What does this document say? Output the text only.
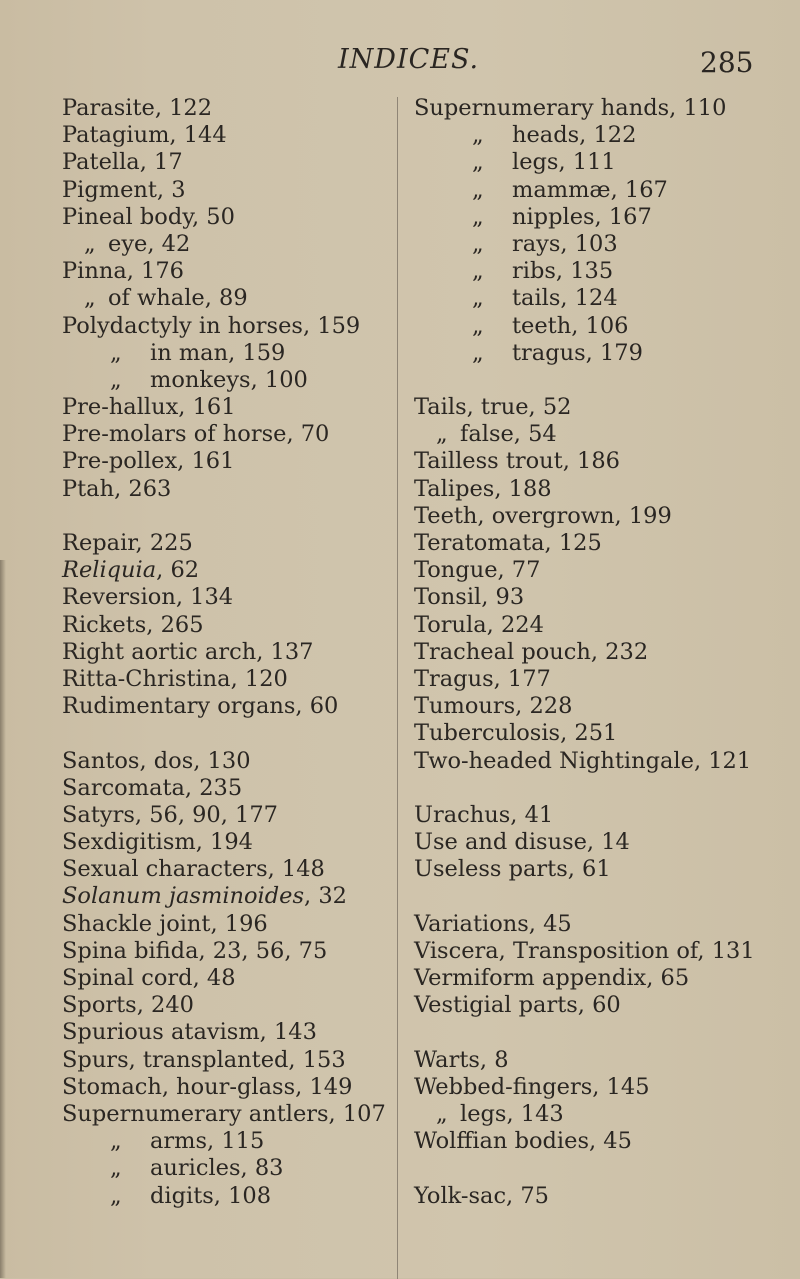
INDICES.	285
Parasite, 122
Patagium, 144
Patella, 17
Pigment, 3
Pineal body, 50
„ eye, 42
Pinna, 176
„ of whale, 89
Polydactyly in horses, 159
„ in man, 159
„ monkeys, 100
Pre-hallux, 161
Pre-molars of horse, 70
Pre-pollex, 161
Ptah, 263
Repair, 225
Reliquia, 62
Reversion, 134
Rickets, 265
Right aortic arch, 137
Ritta-Christina, 120
Rudimentary organs, 60
Santos, dos, 130
Sarcomata, 235
Satyrs, 56, 90, 177
Sexdigitism, 194
Sexual characters, 148
Solanum jasminoides, 32
Shackle joint, 196
Spina bifida, 23, 56, 75
Spinal cord, 48
Sports, 240
Spurious atavism, 143
Spurs, transplanted, 153
Stomach, hour-glass, 149
Supernumerary antlers, 107
„ arms, 115
„ auricles, 83
„ digits, 108
Supernumerary hands, 110
„ heads, 122
„ legs, 111
„ mammæ, 167
„ nipples, 167
„ rays, 103
„ ribs, 135
„ tails, 124
„ teeth, 106
„ tragus, 179
Tails, true, 52
„ false, 54
Tailless trout, 186
Talipes, 188
Teeth, overgrown, 199
Teratomata, 125
Tongue, 77
Tonsil, 93
Torula, 224
Tracheal pouch, 232
Tragus, 177
Tumours, 228
Tuberculosis, 251
Two-headed Nightingale, 121
Urachus, 41
Use and disuse, 14
Useless parts, 61
Variations, 45
Viscera, Transposition of, 131
Vermiform appendix, 65
Vestigial parts, 60
Warts, 8
Webbed-fingers, 145
„ legs, 143
Wolffian bodies, 45
Yolk-sac, 75
